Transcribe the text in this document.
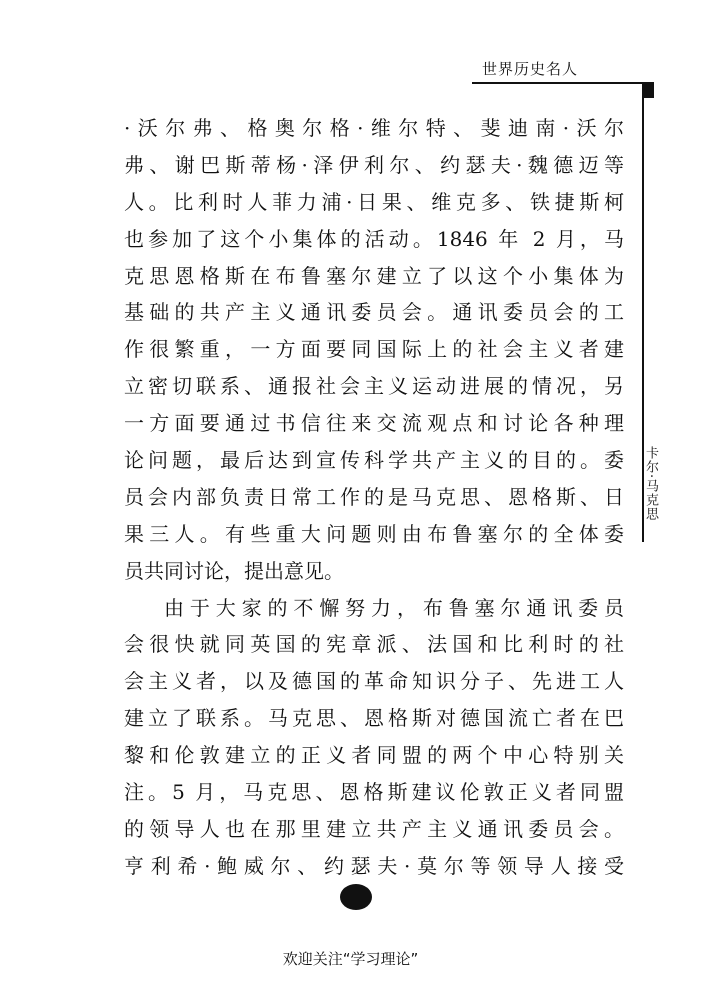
世界历史名人
卡尔·马克思
·沃尔弗、格奥尔格·维尔特、斐迪南·沃尔
弗、谢巴斯蒂杨·泽伊利尔、约瑟夫·魏德迈等
人。比利时人菲力浦·日果、维克多、铁捷斯柯
也参加了这个小集体的活动。1846 年 2 月，马
克思恩格斯在布鲁塞尔建立了以这个小集体为
基础的共产主义通讯委员会。通讯委员会的工
作很繁重，一方面要同国际上的社会主义者建
立密切联系、通报社会主义运动进展的情况，另
一方面要通过书信往来交流观点和讨论各种理
论问题，最后达到宣传科学共产主义的目的。委
员会内部负责日常工作的是马克思、恩格斯、日
果三人。有些重大问题则由布鲁塞尔的全体委
员共同讨论，提出意见。
由于大家的不懈努力，布鲁塞尔通讯委员
会很快就同英国的宪章派、法国和比利时的社
会主义者，以及德国的革命知识分子、先进工人
建立了联系。马克思、恩格斯对德国流亡者在巴
黎和伦敦建立的正义者同盟的两个中心特别关
注。5 月，马克思、恩格斯建议伦敦正义者同盟
的领导人也在那里建立共产主义通讯委员会。
亨利希·鲍威尔、约瑟夫·莫尔等领导人接受
欢迎关注“学习理论”
